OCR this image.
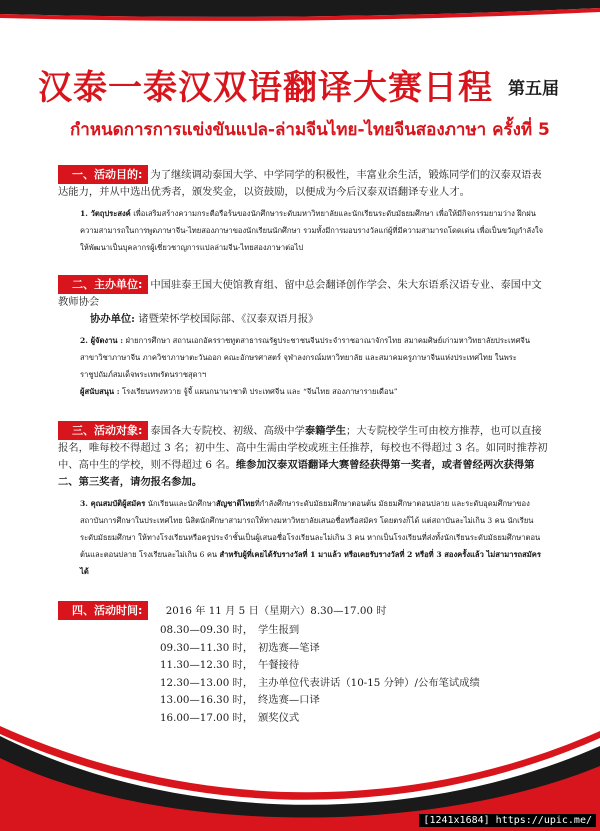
汉泰一泰汉双语翻译大赛日程 第五届
กำหนดการการแข่งขันแปล-ล่ามจีนไทย-ไทยจีนสองภาษา ครั้งที่ 5
一、活动目的: 为了继续调动泰国大学、中学同学的积极性，丰富业余生活，锻炼同学们的汉泰双语表达能力，并从中选出优秀者，颁发奖金，以资鼓励，以便成为今后汉泰双语翻译专业人才。
1. วัตถุประสงค์ เพื่อเสริมสร้างความกระตือรือร้นของนักศึกษาระดับมหาวิทยาลัยและนักเรียนระดับมัธยมศึกษา เพื่อให้มีกิจกรรมยามว่าง ฝึกฝนความสามารถในการพูดภาษาจีน-ไทยสองภาษาของนักเรียนนักศึกษา รวมทั้งมีการมอบรางวัลแก่ผู้ที่มีความสามารถโดดเด่น เพื่อเป็นขวัญกำลังใจให้พัฒนาเป็นบุคลากรผู้เชี่ยวชาญการแปลล่ามจีน-ไทยสองภาษาต่อไป
二、主办单位: 中国驻泰王国大使馆教育组、留中总会翻译创作学会、朱大东语系汉语专业、泰国中文教师协会
协办单位: 诸暨荣怀学校国际部、《汉泰双语月报》
2. ผู้จัดงาน : ฝ่ายการศึกษา สถานเอกอัครราชทูตสาธารณรัฐประชาชนจีนประจำราชอาณาจักรไทย สมาคมศิษย์เก่ามหาวิทยาลัยประเทศจีน สาขาวิชาภาษาจีน ภาควิชาภาษาตะวันออก คณะอักษรศาสตร์ จุฬาลงกรณ์มหาวิทยาลัย และสมาคมครูภาษาจีนแห่งประเทศไทย ในพระราชูปถัมภ์สมเด็จพระเทพรัตนราชสุดาฯ
ผู้สนับสนุน : โรงเรียนหรงหวาย จู้จี้ แผนกนานาชาติ ประเทศจีน และ “จีนไทย สองภาษารายเดือน”
三、活动对象: 泰国各大专院校、初级、高级中学泰籍学生；大专院校学生可由校方推荐，也可以直接报名，唯每校不得超过 3 名；初中生、高中生需由学校或班主任推荐，每校也不得超过 3 名。如同时推荐初中、高中生的学校，则不得超过 6 名。维参加汉泰双语翻译大赛曾经获得第一奖者，或者曾经两次获得第二、第三奖者，请勿报名参加。
3. คุณสมบัติผู้สมัคร นักเรียนและนักศึกษาสัญชาติไทยที่กำลังศึกษาระดับมัธยมศึกษาตอนต้น มัธยมศึกษาตอนปลาย และระดับอุดมศึกษาของสถาบันการศึกษาในประเทศไทย นิสิตนักศึกษาสามารถให้ทางมหาวิทยาลัยเสนอชื่อหรือสมัคร โดยตรงก็ได้ แต่สถาบันละไม่เกิน 3 คน นักเรียนระดับมัธยมศึกษา ให้ทางโรงเรียนหรือครูประจำชั้นเป็นผู้เสนอชื่อโรงเรียนละไม่เกิน 3 คน หากเป็นโรงเรียนที่ส่งทั้งนักเรียนระดับมัธยมศึกษาตอนต้นและตอนปลาย โรงเรียนละไม่เกิน 6 คน สำหรับผู้ที่เคยได้รับรางวัลที่ 1 มาแล้ว หรือเคยรับรางวัลที่ 2 หรือที่ 3 สองครั้งแล้ว ไม่สามารถสมัครได้
四、活动时间: 2016 年 11 月 5 日（星期六）8.30—17.00 时
08.30—09.30 时， 学生报到
09.30—11.30 时， 初选赛—笔译
11.30—12.30 时， 午餐接待
12.30—13.00 时， 主办单位代表讲话（10-15 分钟）/公布笔试成绩
13.00—16.30 时， 终选赛—口译
16.00—17.00 时， 颁奖仪式
[1241x1684] https://upic.me/
